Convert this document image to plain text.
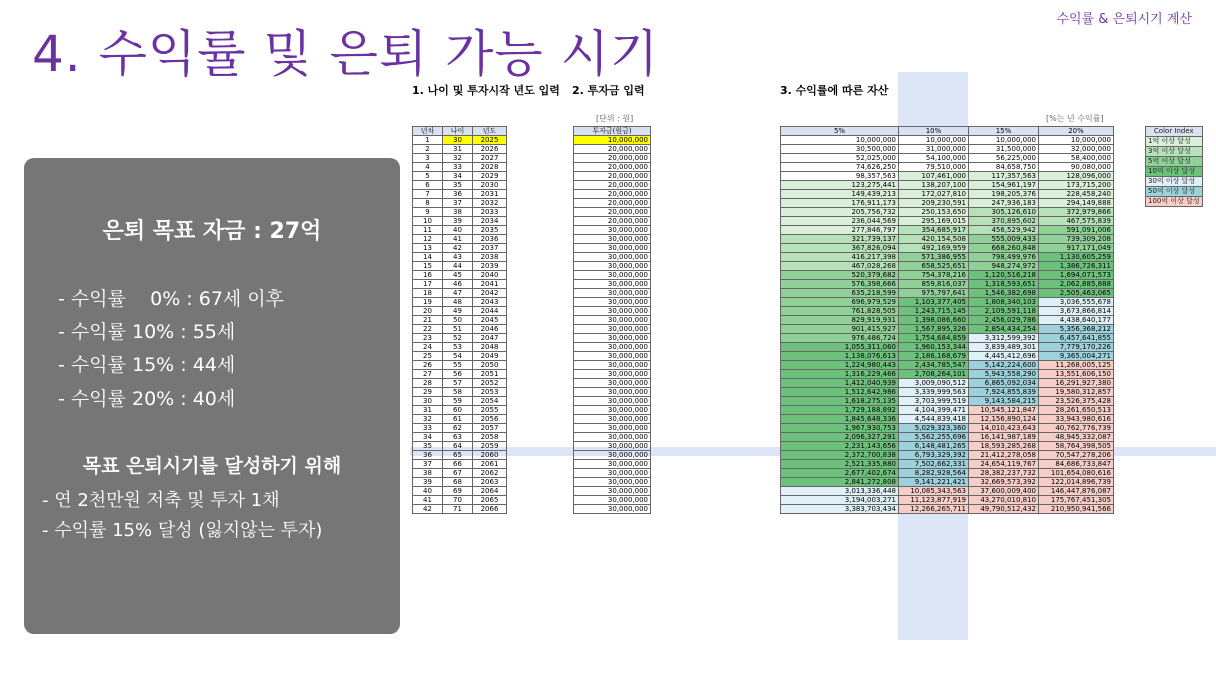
4. 수익률 및 은퇴 가능 시기
수익률 & 은퇴시기 계산
은퇴 목표 자금 : 27억
- 수익률    0% : 67세 이후
- 수익률 10% : 55세
- 수익률 15% : 44세
- 수익률 20% : 40세
목표 은퇴시기를 달성하기 위해
- 연 2천만원 저축 및 투자 1채
- 수익률 15% 달성 (잃지않는 투자)
1. 나이 및 투자시작 년도 입력 2. 투자금 입력	3. 수익률에 따른 자산
[단위 : 원]	[%는 년 수익률]
년차	나이	년도
1	30	2025
2	31	2026
3	32	2027
4	33	2028
5	34	2029
6	35	2030
7	36	2031
8	37	2032
9	38	2033
10	39	2034
11	40	2035
12	41	2036
13	42	2037
14	43	2038
15	44	2039
16	45	2040
17	46	2041
18	47	2042
19	48	2043
20	49	2044
21	50	2045
22	51	2046
23	52	2047
24	53	2048
25	54	2049
26	55	2050
27	56	2051
28	57	2052
29	58	2053
30	59	2054
31	60	2055
32	61	2056
33	62	2057
34	63	2058
35	64	2059
36	65	2060
37	66	2061
38	67	2062
39	68	2063
40	69	2064
41	70	2065
42	71	2066
투자금(원금)
10,000,000
20,000,000
20,000,000
20,000,000
20,000,000
20,000,000
20,000,000
20,000,000
20,000,000
20,000,000
30,000,000
30,000,000
30,000,000
30,000,000
30,000,000
30,000,000
30,000,000
30,000,000
30,000,000
30,000,000
30,000,000
30,000,000
30,000,000
30,000,000
30,000,000
30,000,000
30,000,000
30,000,000
30,000,000
30,000,000
30,000,000
30,000,000
30,000,000
30,000,000
30,000,000
30,000,000
30,000,000
30,000,000
30,000,000
30,000,000
30,000,000
30,000,000
5%	10%	15%	20%
10,000,000	10,000,000	10,000,000	10,000,000
30,500,000	31,000,000	31,500,000	32,000,000
52,025,000	54,100,000	56,225,000	58,400,000
74,626,250	79,510,000	84,658,750	90,080,000
98,357,563	107,461,000	117,357,563	128,096,000
123,275,441	138,207,100	154,961,197	173,715,200
149,439,213	172,027,810	198,205,376	228,458,240
176,911,173	209,230,591	247,936,183	294,149,888
205,756,732	250,153,650	305,126,610	372,979,866
236,044,569	295,169,015	370,895,602	467,575,839
277,846,797	354,685,917	456,529,942	591,091,006
321,739,137	420,154,508	555,009,433	739,309,208
367,826,094	492,169,959	668,260,848	917,171,049
416,217,398	571,386,955	798,499,976	1,130,605,259
467,028,268	658,525,651	948,274,972	1,386,726,311
520,379,682	754,378,216	1,120,516,218	1,694,071,573
576,398,666	859,816,037	1,318,593,651	2,062,885,888
635,218,599	975,797,641	1,546,382,698	2,505,463,065
696,979,529	1,103,377,405	1,808,340,103	3,036,555,678
761,828,505	1,243,715,145	2,109,591,118	3,673,866,814
829,919,931	1,398,086,660	2,456,029,786	4,438,640,177
901,415,927	1,567,895,326	2,854,434,254	5,356,368,212
976,486,724	1,754,684,859	3,312,599,392	6,457,641,855
1,055,311,060	1,960,153,344	3,839,489,301	7,779,170,226
1,138,076,613	2,186,168,679	4,445,412,696	9,365,004,271
1,224,980,443	2,434,785,547	5,142,224,600	11,268,005,125
1,316,229,466	2,708,264,101	5,943,558,290	13,551,606,150
1,412,040,939	3,009,090,512	6,865,092,034	16,291,927,380
1,512,642,986	3,339,999,563	7,924,855,839	19,580,312,857
1,618,275,135	3,703,999,519	9,143,584,215	23,526,375,428
1,729,188,892	4,104,399,471	10,545,121,847	28,261,650,513
1,845,648,336	4,544,839,418	12,156,890,124	33,943,980,616
1,967,930,753	5,029,323,360	14,010,423,643	40,762,776,739
2,096,327,291	5,562,255,696	16,141,987,189	48,945,332,087
2,231,143,656	6,148,481,265	18,593,285,268	58,764,398,505
2,372,700,838	6,793,329,392	21,412,278,058	70,547,278,206
2,521,335,880	7,502,662,331	24,654,119,767	84,686,733,847
2,677,402,674	8,282,928,564	28,382,237,732	101,654,080,616
2,841,272,808	9,141,221,421	32,669,573,392	122,014,896,739
3,013,336,448	10,085,343,563	37,600,009,400	146,447,876,087
3,194,003,271	11,123,877,919	43,270,010,810	175,767,451,305
3,383,703,434	12,266,265,711	49,790,512,432	210,950,941,566
Color Index
1억 이상 달성
3억 이상 달성
5억 이상 달성
10억 이상 달성
30억 이상 달성
50억 이상 달성
100억 이상 달성
